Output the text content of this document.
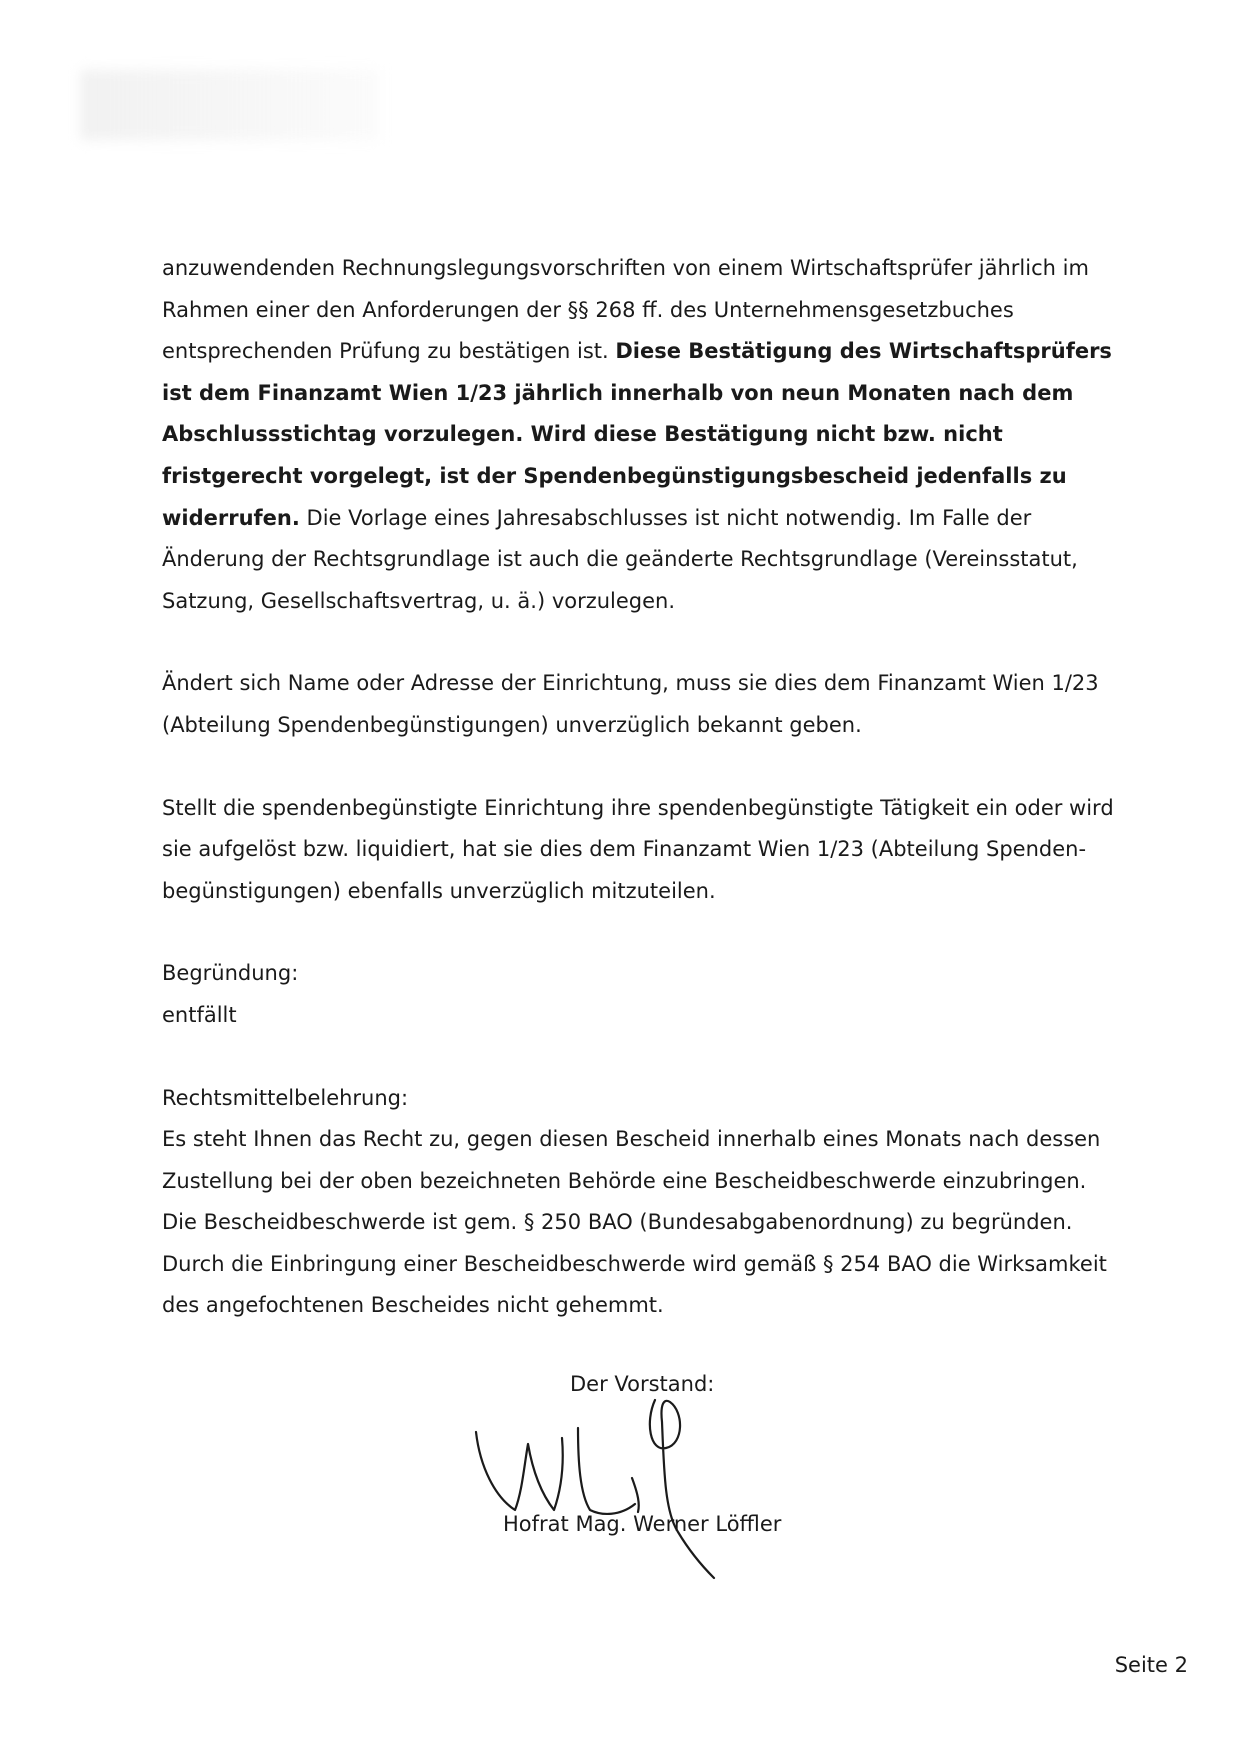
anzuwendenden Rechnungslegungsvorschriften von einem Wirtschaftsprüfer jährlich im Rahmen einer den Anforderungen der §§ 268 ff. des Unternehmensgesetzbuches entsprechenden Prüfung zu bestätigen ist. Diese Bestätigung des Wirtschaftsprüfers ist dem Finanzamt Wien 1/23 jährlich innerhalb von neun Monaten nach dem Abschlussstichtag vorzulegen. Wird diese Bestätigung nicht bzw. nicht fristgerecht vorgelegt, ist der Spendenbegünstigungsbescheid jedenfalls zu widerrufen. Die Vorlage eines Jahresabschlusses ist nicht notwendig. Im Falle der Änderung der Rechtsgrundlage ist auch die geänderte Rechtsgrundlage (Vereinsstatut, Satzung, Gesellschaftsvertrag, u. ä.) vorzulegen.

Ändert sich Name oder Adresse der Einrichtung, muss sie dies dem Finanzamt Wien 1/23 (Abteilung Spendenbegünstigungen) unverzüglich bekannt geben.

Stellt die spendenbegünstigte Einrichtung ihre spendenbegünstigte Tätigkeit ein oder wird sie aufgelöst bzw. liquidiert, hat sie dies dem Finanzamt Wien 1/23 (Abteilung Spenden-begünstigungen) ebenfalls unverzüglich mitzuteilen.

Begründung:

entfällt

Rechtsmittelbelehrung:

Es steht Ihnen das Recht zu, gegen diesen Bescheid innerhalb eines Monats nach dessen Zustellung bei der oben bezeichneten Behörde eine Bescheidbeschwerde einzubringen. Die Bescheidbeschwerde ist gem. § 250 BAO (Bundesabgabenordnung) zu begründen. Durch die Einbringung einer Bescheidbeschwerde wird gemäß § 254 BAO die Wirksamkeit des angefochtenen Bescheides nicht gehemmt.

Der Vorstand:
Hofrat Mag. Werner Löffler
Seite 2
